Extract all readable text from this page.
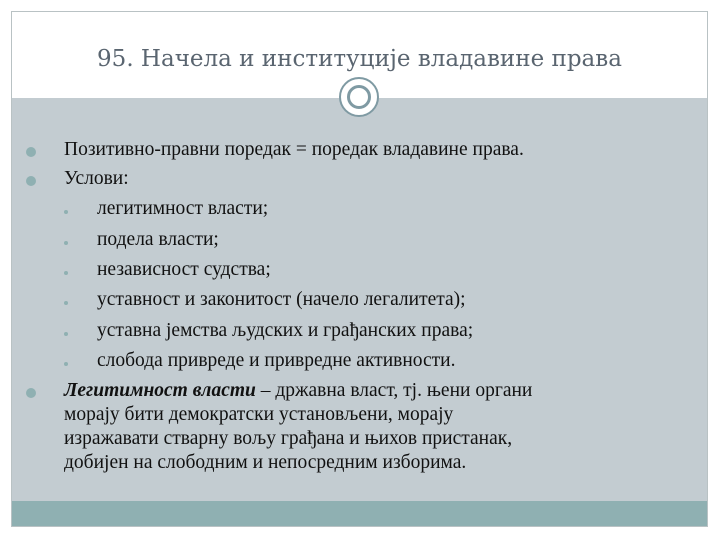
95. Начела и институције владавине права
Позитивно-правни поредак = поредак владавине права.
Услови:
легитимност власти;
подела власти;
независност судства;
уставност и законитост (начело легалитета);
уставна јемства људских и грађанских права;
слобода привреде и привредне активности.
Легитимност власти – државна власт, тј. њени органи
морају бити демократски установљени, морају
изражавати стварну вољу грађана и њихов пристанак,
добијен на слободним и непосредним изборима.
